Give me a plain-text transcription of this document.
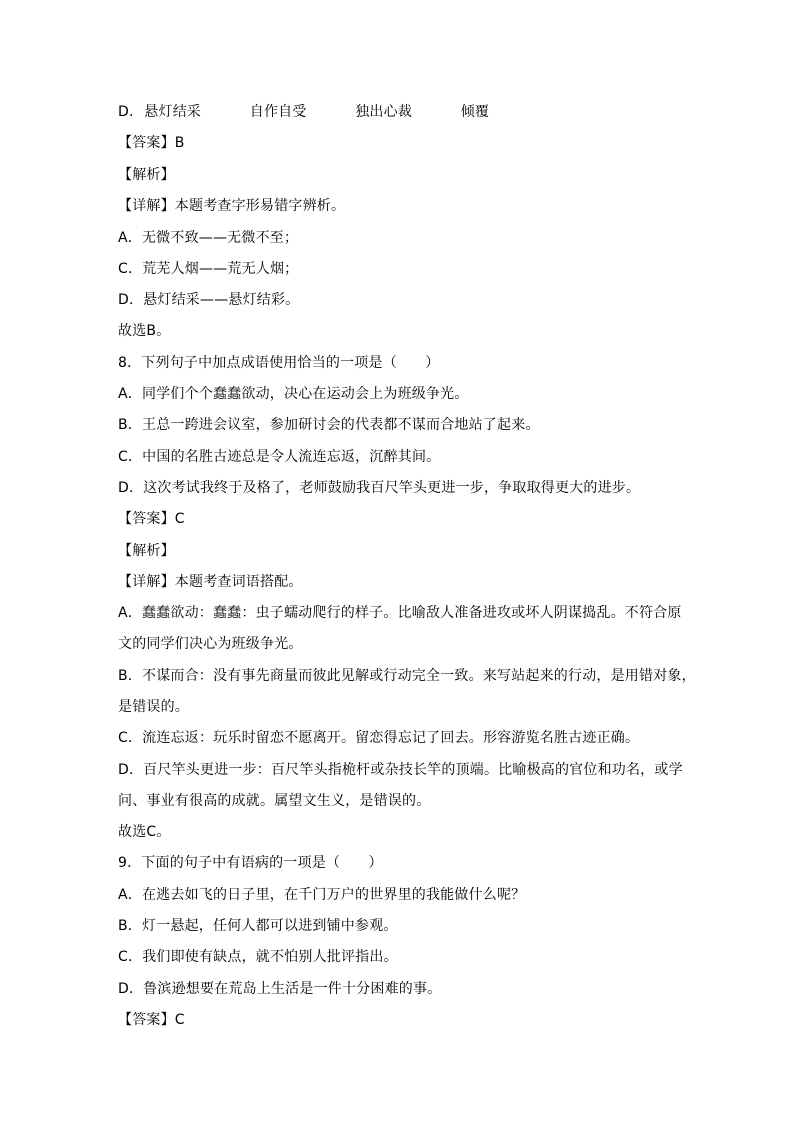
D. 悬灯结采	自作自受	独出心裁	倾覆
【答案】B
【解析】
【详解】本题考查字形易错字辨析。
A．无微不致——无微不至；
C．荒芜人烟——荒无人烟；
D．悬灯结采——悬灯结彩。
故选B。
8．下列句子中加点成语使用恰当的一项是（　　）
A．同学们个个蠢蠢欲动，决心在运动会上为班级争光。
B．王总一跨进会议室，参加研讨会的代表都不谋而合地站了起来。
C．中国的名胜古迹总是令人流连忘返，沉醉其间。
D．这次考试我终于及格了，老师鼓励我百尺竿头更进一步，争取取得更大的进步。
【答案】C
【解析】
【详解】本题考查词语搭配。
A．蠢蠢欲动：蠢蠢：虫子蠕动爬行的样子。比喻敌人准备进攻或坏人阴谋捣乱。不符合原
文的同学们决心为班级争光。
B．不谋而合：没有事先商量而彼此见解或行动完全一致。来写站起来的行动，是用错对象，
是错误的。
C．流连忘返：玩乐时留恋不愿离开。留恋得忘记了回去。形容游览名胜古迹正确。
D．百尺竿头更进一步：百尺竿头指桅杆或杂技长竿的顶端。比喻极高的官位和功名，或学
问、事业有很高的成就。属望文生义，是错误的。
故选C。
9．下面的句子中有语病的一项是（　　）
A．在逃去如飞的日子里，在千门万户的世界里的我能做什么呢？
B．灯一悬起，任何人都可以进到铺中参观。
C．我们即使有缺点，就不怕别人批评指出。
D．鲁滨逊想要在荒岛上生活是一件十分困难的事。
【答案】C
